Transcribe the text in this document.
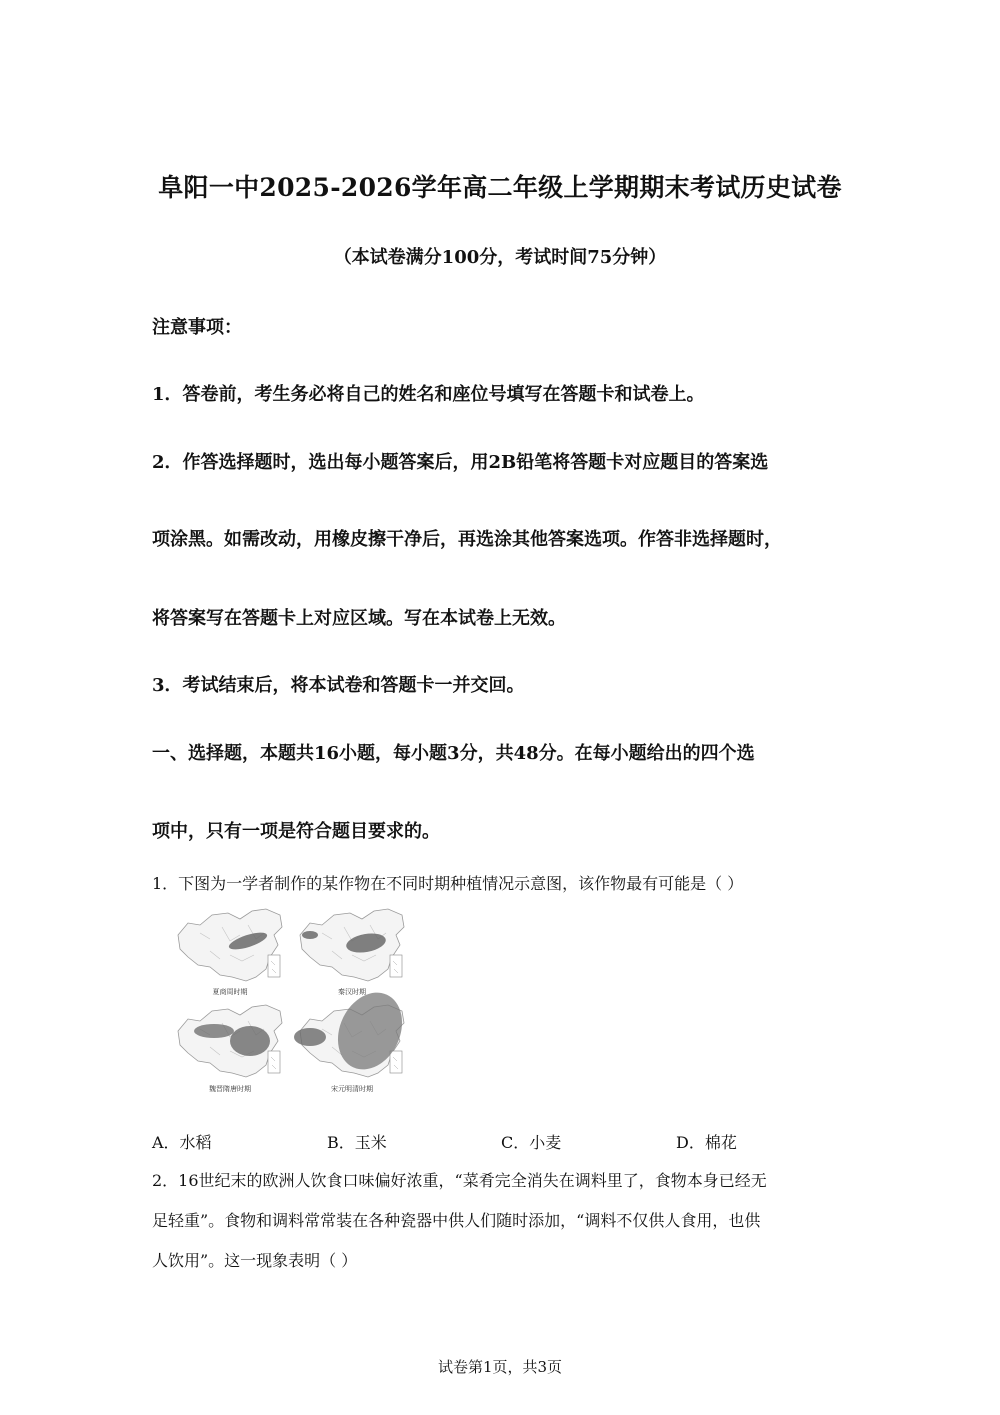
阜阳一中2025-2026学年高二年级上学期期末考试历史试卷
（本试卷满分100分，考试时间75分钟）
注意事项：
1．答卷前，考生务必将自己的姓名和座位号填写在答题卡和试卷上。
2．作答选择题时，选出每小题答案后，用2B铅笔将答题卡对应题目的答案选
项涂黑。如需改动，用橡皮擦干净后，再选涂其他答案选项。作答非选择题时，
将答案写在答题卡上对应区域。写在本试卷上无效。
3．考试结束后，将本试卷和答题卡一并交回。
一、选择题，本题共16小题，每小题3分，共48分。在每小题给出的四个选
项中，只有一项是符合题目要求的。
1．下图为一学者制作的某作物在不同时期种植情况示意图，该作物最有可能是（ ）
夏商周时期	秦汉时期
魏晋隋唐时期	宋元明清时期
A．水稻	B．玉米	C．小麦	D．棉花
2．16世纪末的欧洲人饮食口味偏好浓重，“菜肴完全消失在调料里了，食物本身已经无
足轻重”。食物和调料常常装在各种瓷器中供人们随时添加，“调料不仅供人食用，也供
人饮用”。这一现象表明（ ）
试卷第1页，共3页
